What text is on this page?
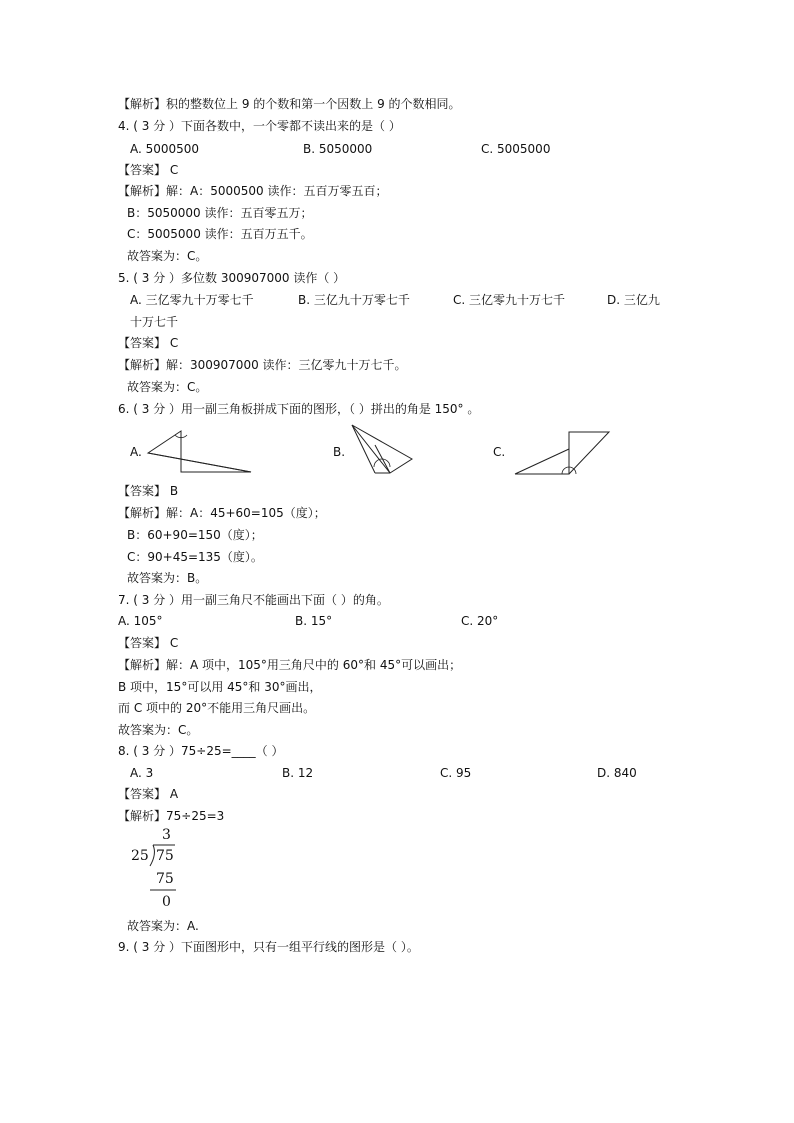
【解析】积的整数位上 9 的个数和第一个因数上 9 的个数相同。
4. ( 3 分 ）下面各数中，一个零都不读出来的是（ ）
A. 5000500	B. 5050000	C. 5005000
【答案】 C
【解析】解：A：5000500 读作：五百万零五百；
B：5050000 读作：五百零五万；
C：5005000 读作：五百万五千。
故答案为：C。
5. ( 3 分 ）多位数 300907000 读作（ ）
A. 三亿零九十万零七千	B. 三亿九十万零七千	C. 三亿零九十万七千	D. 三亿九
十万七千
【答案】 C
【解析】解：300907000 读作：三亿零九十万七千。
故答案为：C。
6. ( 3 分 ）用一副三角板拼成下面的图形，（ ）拼出的角是 150° 。
A.	B.	C.
【答案】 B
【解析】解：A：45+60=105（度）；
B：60+90=150（度）；
C：90+45=135（度）。
故答案为：B。
7. ( 3 分 ）用一副三角尺不能画出下面（ ）的角。
A. 105°	B. 15°	C. 20°
【答案】 C
【解析】解：A 项中，105°用三角尺中的 60°和 45°可以画出；
B 项中，15°可以用 45°和 30°画出，
而 C 项中的 20°不能用三角尺画出。
故答案为：C。
8. ( 3 分 ）75÷25=____（ ）
A. 3	B. 12	C. 95	D. 840
【答案】 A
【解析】75÷25=3
3
25 75
75
0
故答案为：A.
9. ( 3 分 ）下面图形中，只有一组平行线的图形是（ ）。
